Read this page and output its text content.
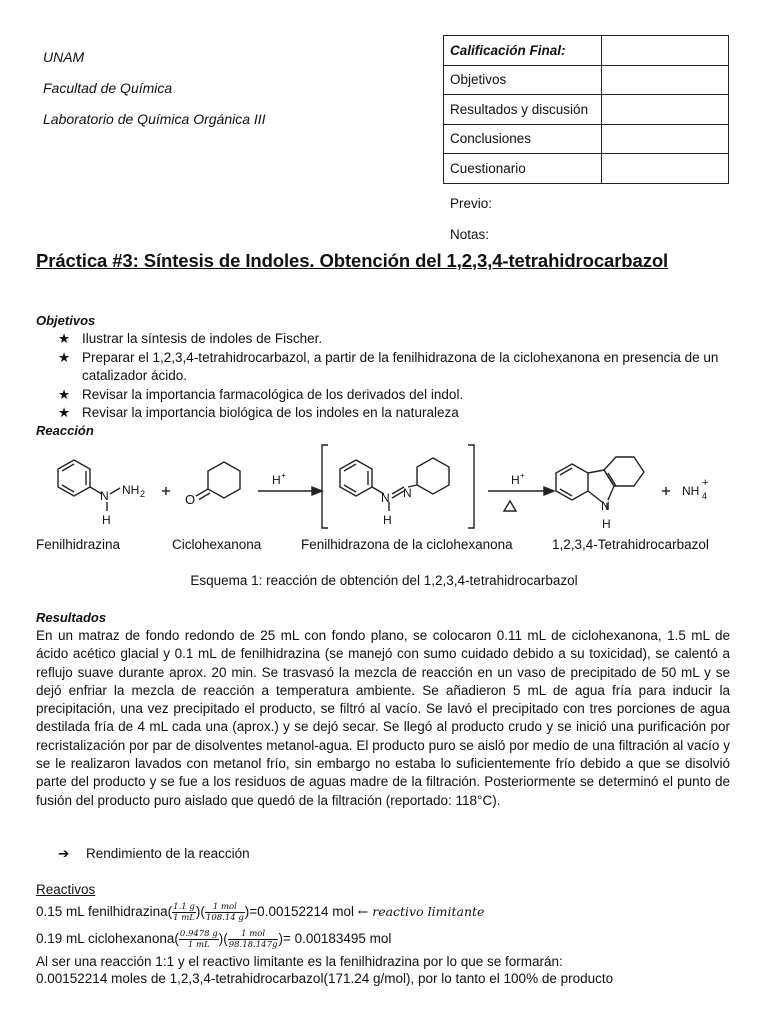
UNAM
Facultad de Química
Laboratorio de Química Orgánica III
Calificación Final:	
Objetivos	
Resultados y discusión	
Conclusiones	
Cuestionario	
Previo:
Notas:
Práctica #3: Síntesis de Indoles. Obtención del 1,2,3,4-tetrahidrocarbazol
Objetivos
★ Ilustrar la síntesis de indoles de Fischer.
★ Preparar el 1,2,3,4-tetrahidrocarbazol, a partir de la fenilhidrazona de la ciclohexanona en presencia de un catalizador ácido.
★ Revisar la importancia farmacológica de los derivados del indol.
★ Revisar la importancia biológica de los indoles en la naturaleza
Reacción
N NH 2
H
O
H +
N N
H
H +
N
H
NH 4
+
Fenilhidrazina	Ciclohexanona	Fenilhidrazona de la ciclohexanona	1,2,3,4-Tetrahidrocarbazol
Esquema 1: reacción de obtención del 1,2,3,4-tetrahidrocarbazol
Resultados

En un matraz de fondo redondo de 25 mL con fondo plano, se colocaron 0.11 mL de ciclohexanona, 1.5 mL de ácido acético glacial y 0.1 mL de fenilhidrazina (se manejó con sumo cuidado debido a su toxicidad), se calentó a reflujo suave durante aprox. 20 min. Se trasvasó la mezcla de reacción en un vaso de precipitado de 50 mL y se dejó enfriar la mezcla de reacción a temperatura ambiente. Se añadieron 5 mL de agua fría para inducir la precipitación, una vez precipitado el producto, se filtró al vacío. Se lavó el precipitado con tres porciones de agua destilada fría de 4 mL cada una (aprox.) y se dejó secar. Se llegó al producto crudo y se inició una purificación por recristalización por par de disolventes metanol-agua. El producto puro se aisló por medio de una filtración al vacío y se le realizaron lavados con metanol frío, sin embargo no estaba lo suficientemente frío debido a que se disolvió parte del producto y se fue a los residuos de aguas madre de la filtración. Posteriormente se determinó el punto de fusión del producto puro aislado que quedó de la filtración (reportado: 118°C).

➔ Rendimiento de la reacción
Reactivos
0.15 mL fenilhidrazina( $\frac{1.1 g}{1 mL}$ )( $\frac{\text{1 mol}}{108.14 g} )=0.00152214$ mol ← reactivo limitante
0.19 mL ciclohexanona( $\frac{0.9478 g}{1 mL}$ )( $\frac{\text{1 mol}}{98.18.147g}$ )= 0.00183495 mol
Al ser una reacción 1:1 y el reactivo limitante es la fenilhidrazina por lo que se formarán:
0.00152214 moles de 1,2,3,4-tetrahidrocarbazol(171.24 g/mol), por lo tanto el 100% de producto
